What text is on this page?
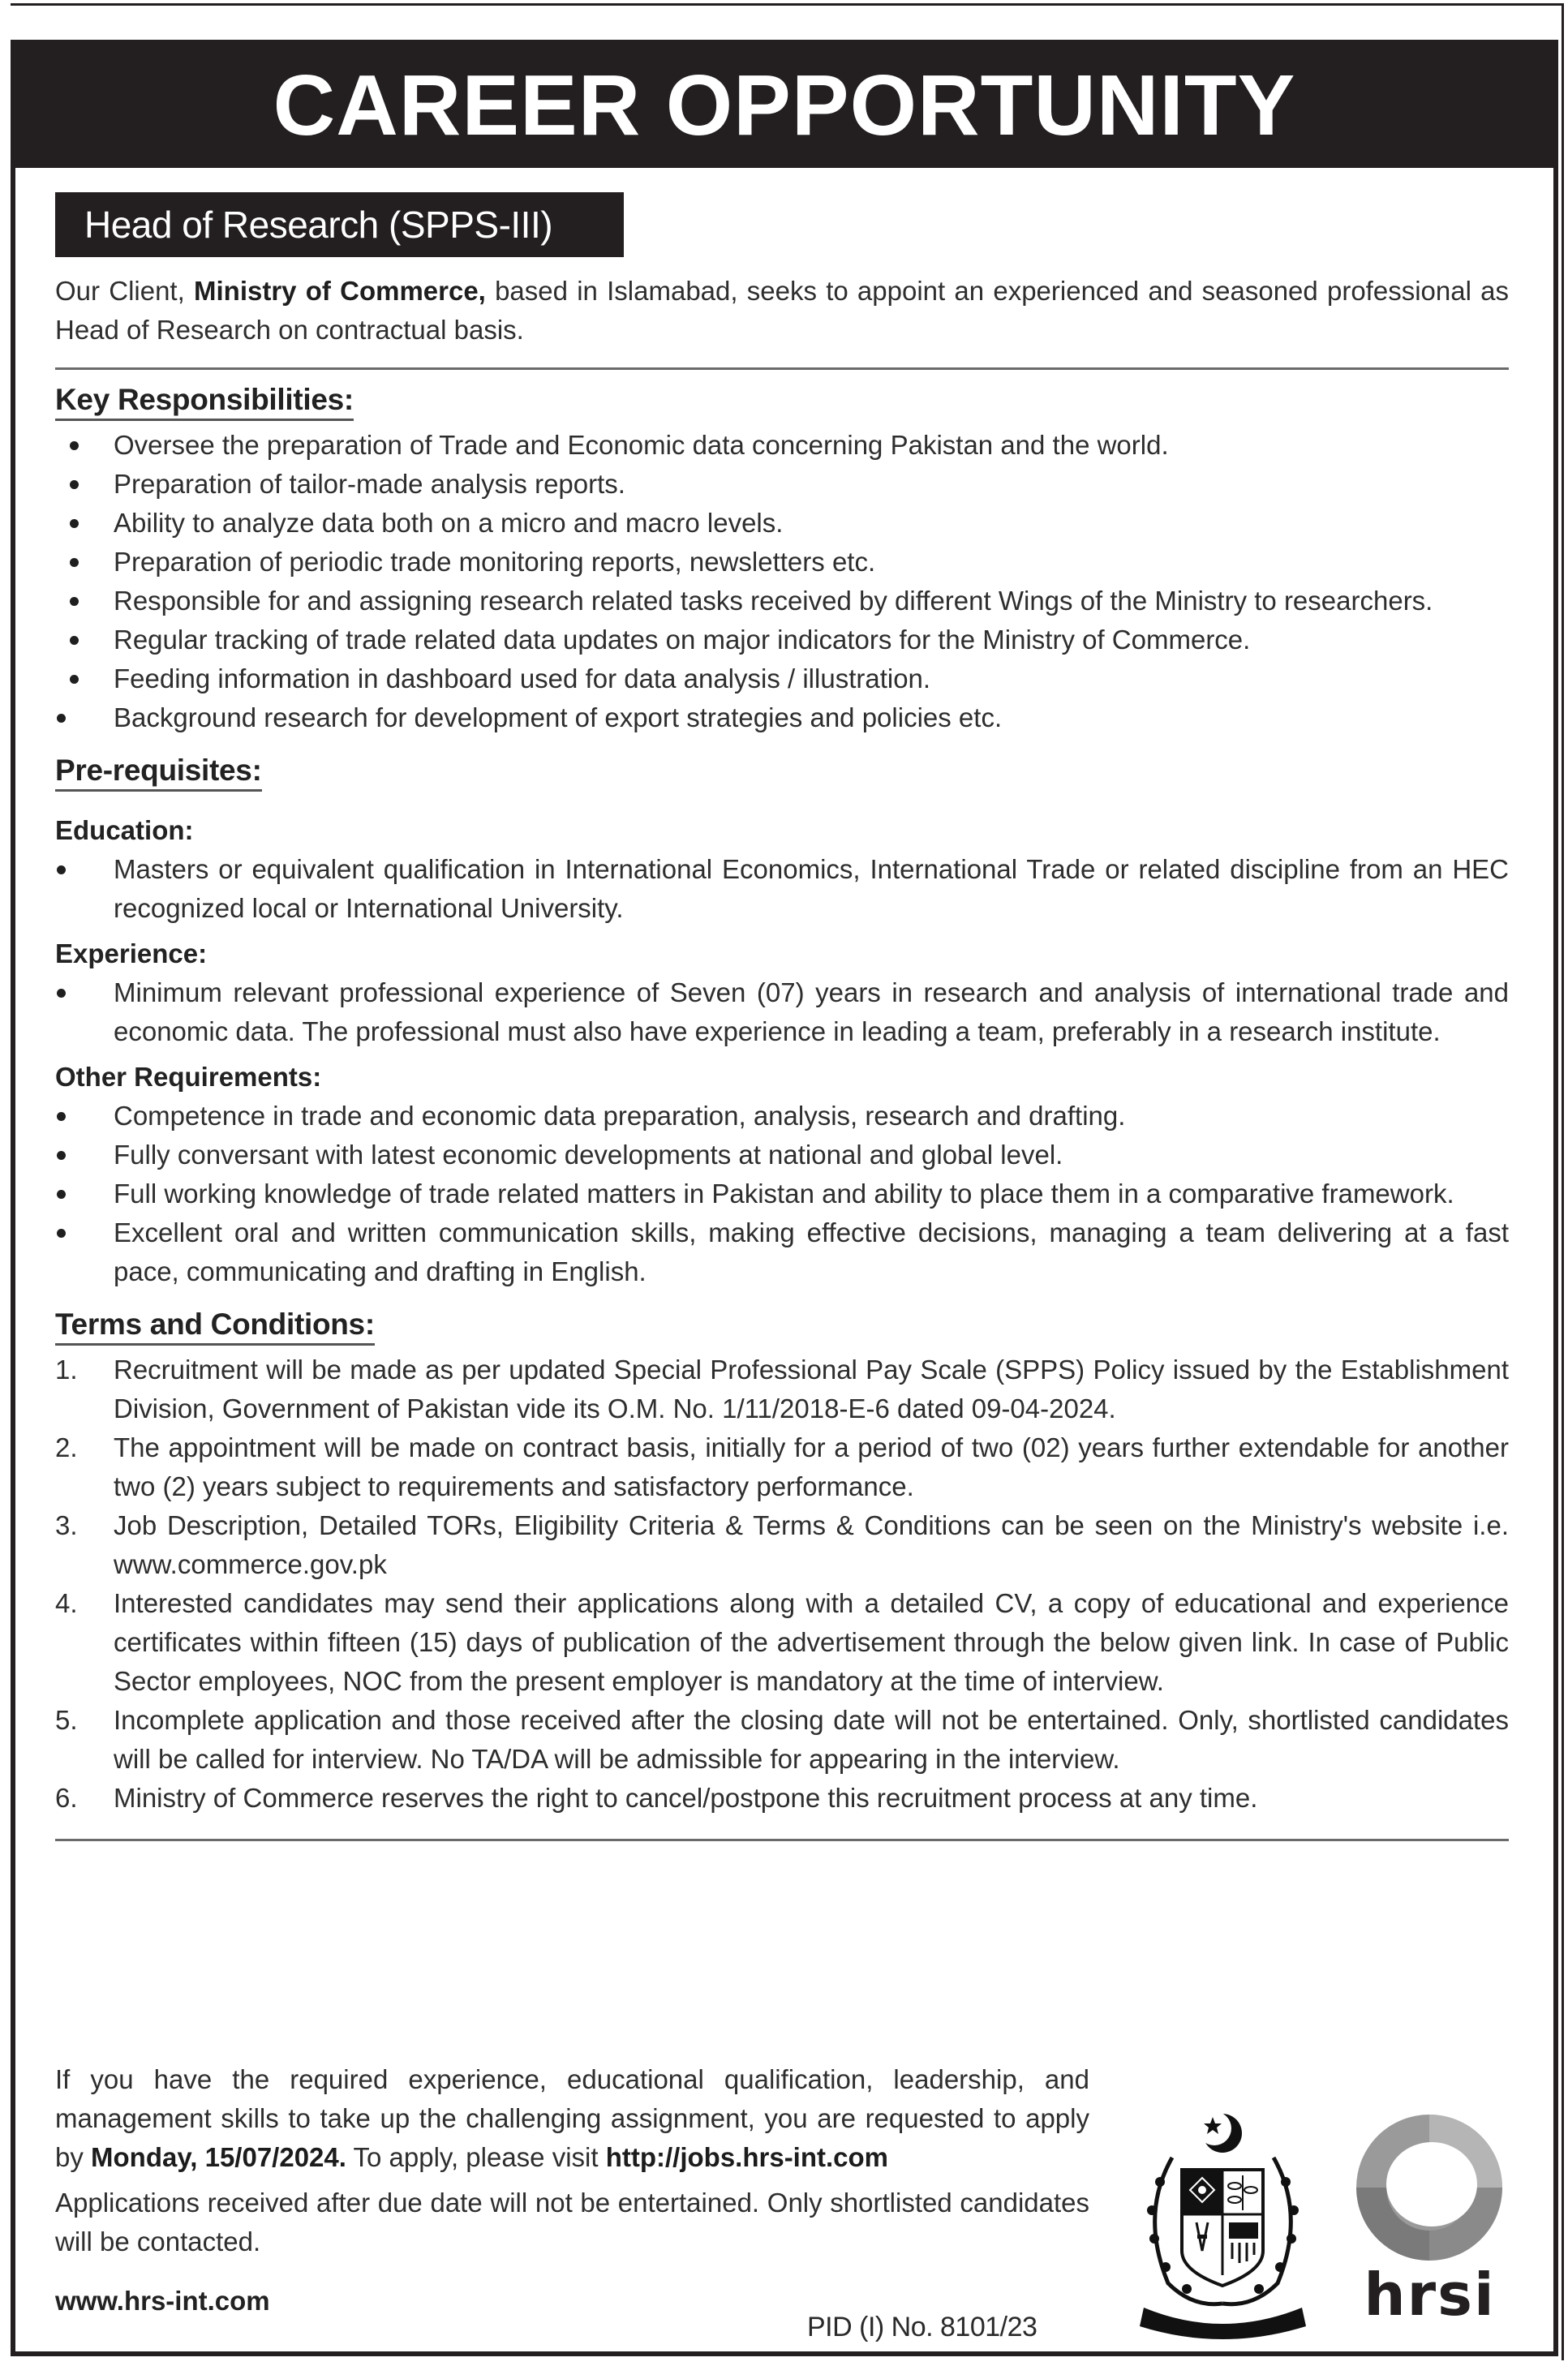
CAREER OPPORTUNITY
Head of Research (SPPS-III)

Our Client, Ministry of Commerce, based in Islamabad, seeks to appoint an experienced and seasoned professional as Head of Research on contractual basis.

Key Responsibilities:
Oversee the preparation of Trade and Economic data concerning Pakistan and the world.
Preparation of tailor-made analysis reports.
Ability to analyze data both on a micro and macro levels.
Preparation of periodic trade monitoring reports, newsletters etc.
Responsible for and assigning research related tasks received by different Wings of the Ministry to researchers.
Regular tracking of trade related data updates on major indicators for the Ministry of Commerce.
Feeding information in dashboard used for data analysis / illustration.
Background research for development of export strategies and policies etc.
Pre-requisites:
Education:
Masters or equivalent qualification in International Economics, International Trade or related discipline from an HEC recognized local or International University.
Experience:
Minimum relevant professional experience of Seven (07) years in research and analysis of international trade and economic data. The professional must also have experience in leading a team, preferably in a research institute.
Other Requirements:
Competence in trade and economic data preparation, analysis, research and drafting.
Fully conversant with latest economic developments at national and global level.
Full working knowledge of trade related matters in Pakistan and ability to place them in a comparative framework.
Excellent oral and written communication skills, making effective decisions, managing a team delivering at a fast pace, communicating and drafting in English.
Terms and Conditions:
1. Recruitment will be made as per updated Special Professional Pay Scale (SPPS) Policy issued by the Establishment Division, Government of Pakistan vide its O.M. No. 1/11/2018-E-6 dated 09-04-2024.
2. The appointment will be made on contract basis, initially for a period of two (02) years further extendable for another two (2) years subject to requirements and satisfactory performance.
3. Job Description, Detailed TORs, Eligibility Criteria & Terms & Conditions can be seen on the Ministry's website i.e. www.commerce.gov.pk
4. Interested candidates may send their applications along with a detailed CV, a copy of educational and experience certificates within fifteen (15) days of publication of the advertisement through the below given link. In case of Public Sector employees, NOC from the present employer is mandatory at the time of interview.
5. Incomplete application and those received after the closing date will not be entertained. Only, shortlisted candidates will be called for interview. No TA/DA will be admissible for appearing in the interview.
6. Ministry of Commerce reserves the right to cancel/postpone this recruitment process at any time.

If you have the required experience, educational qualification, leadership, and management skills to take up the challenging assignment, you are requested to apply by Monday, 15/07/2024. To apply, please visit http://jobs.hrs-int.com

Applications received after due date will not be entertained. Only shortlisted candidates will be contacted.

www.hrs-int.com
PID (I) No. 8101/23	hrsi
